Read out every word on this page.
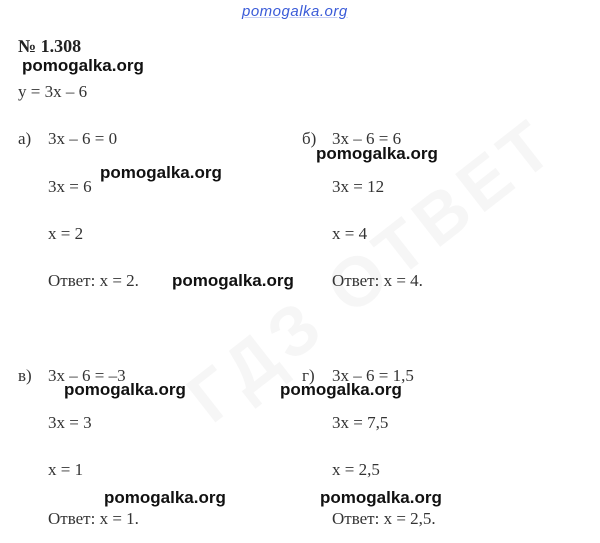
pomogalka.org
№ 1.308
pomogalka.org
y = 3x – 6
а) 3x – 6 = 0
3x = 6
pomogalka.org
x = 2
Ответ: x = 2. pomogalka.org
б) 3x – 6 = 6
pomogalka.org
3x = 12
x = 4
Ответ: x = 4.
в) 3x – 6 = –3
pomogalka.org
3x = 3
x = 1
pomogalka.org
Ответ: x = 1.
г) 3x – 6 = 1,5
pomogalka.org
3x = 7,5
x = 2,5
pomogalka.org
Ответ: x = 2,5.
